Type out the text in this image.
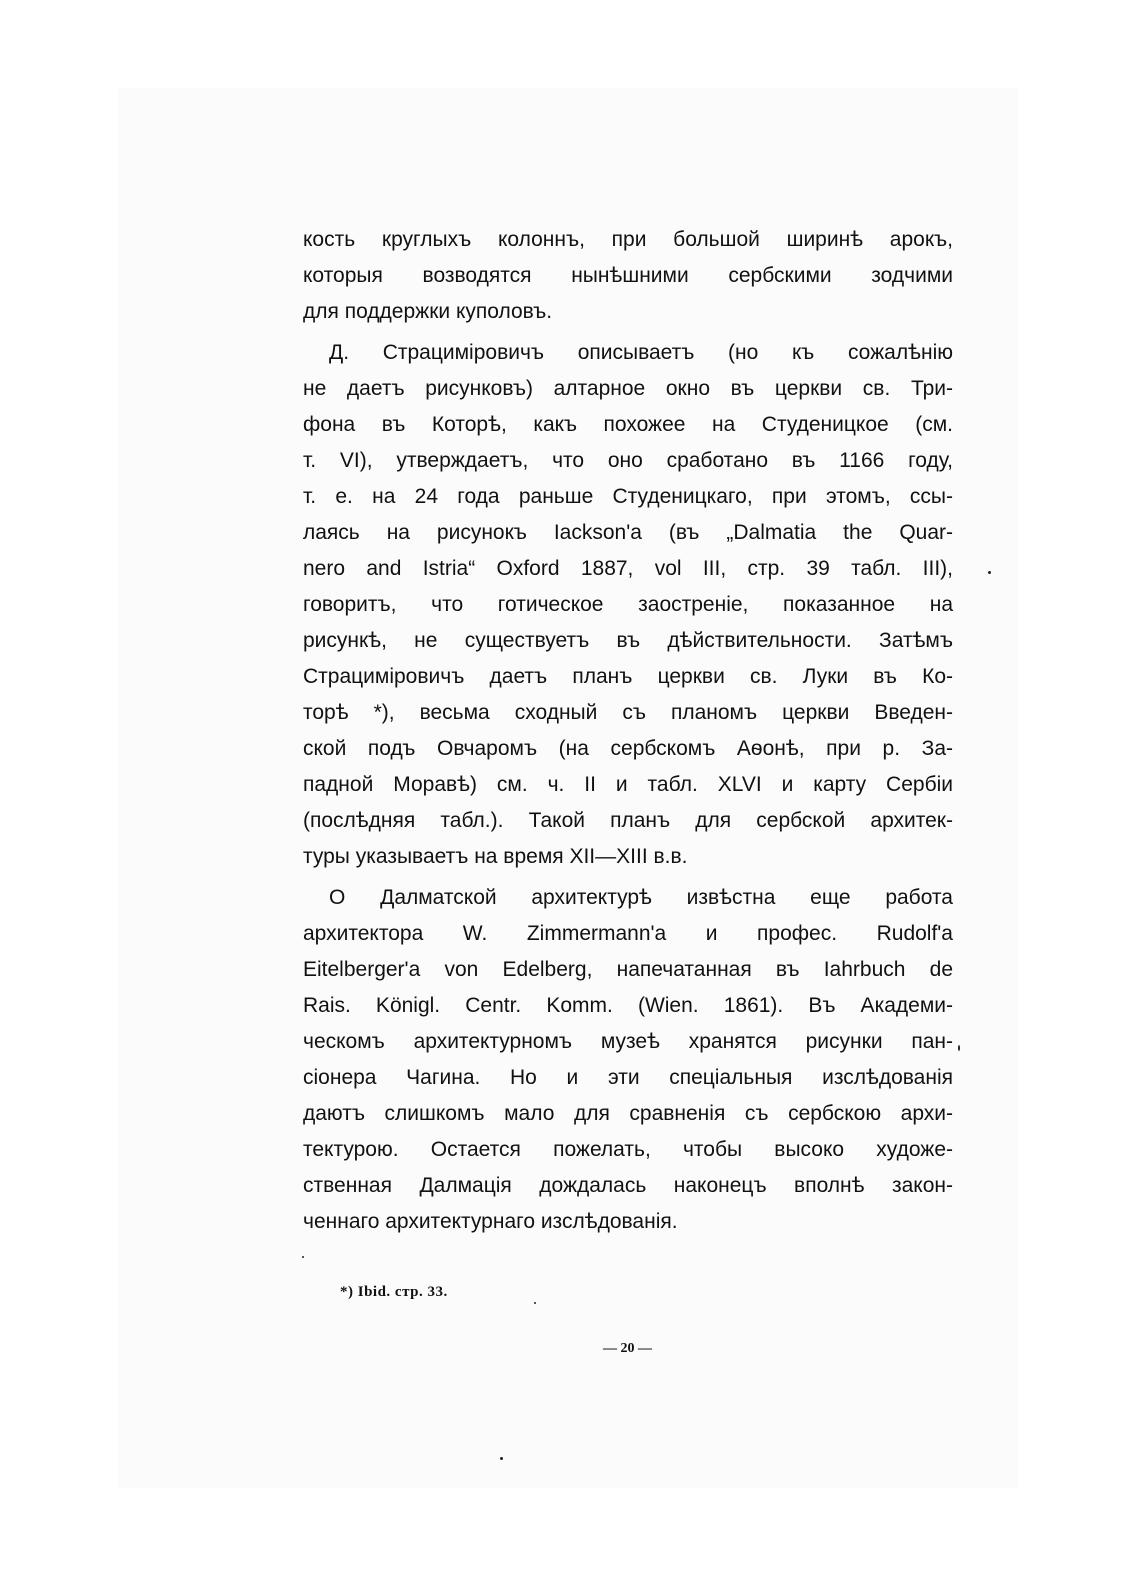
кость круглыхъ колоннъ, при большой ширинѣ арокъ,
которыя возводятся нынѣшними сербскими зодчими
для поддержки куполовъ.

Д. Страцимiровичъ описываетъ (но къ сожалѣнiю
не даетъ рисунковъ) алтарное окно въ церкви св. Три-
фона въ Которѣ, какъ похожее на Студеницкое (см.
т. VI), утверждаетъ, что оно сработано въ 1166 году,
т. е. на 24 года раньше Студеницкаго, при этомъ, ссы-
лаясь на рисунокъ Iackson'a (въ „Dalmatia the Quar-
nero and Istria“ Oxford 1887, vol III, стр. 39 табл. III),
говоритъ, что готическое заостренiе, показанное на
рисункѣ, не существуетъ въ дѣйствительности. Затѣмъ
Страцимiровичъ даетъ планъ церкви св. Луки въ Ко-
торѣ *), весьма сходный съ планомъ церкви Введен-
ской подъ Овчаромъ (на сербскомъ Аѳонѣ, при р. За-
падной Моравѣ) см. ч. II и табл. XLVI и карту Сербiи
(послѣдняя табл.). Такой планъ для сербской архитек-
туры указываетъ на время XII—XIII в.в.

О Далматской архитектурѣ извѣстна еще работа
архитектора W. Zimmermann'a и профес. Rudolf'a
Eitelberger'a von Edelberg, напечатанная въ Iahrbuch de
Rais. Königl. Centr. Komm. (Wien. 1861). Въ Академи-
ческомъ архитектурномъ музеѣ хранятся рисунки пан-
сiонера Чагина. Но и эти спецiальныя изслѣдованiя
даютъ слишкомъ мало для сравненiя съ сербскою архи-
тектурою. Остается пожелать, чтобы высоко художе-
ственная Далмацiя дождалась наконецъ вполнѣ закон-
ченнаго архитектурнаго изслѣдованiя.

*) Ibid. стр. 33.
— 20 —
